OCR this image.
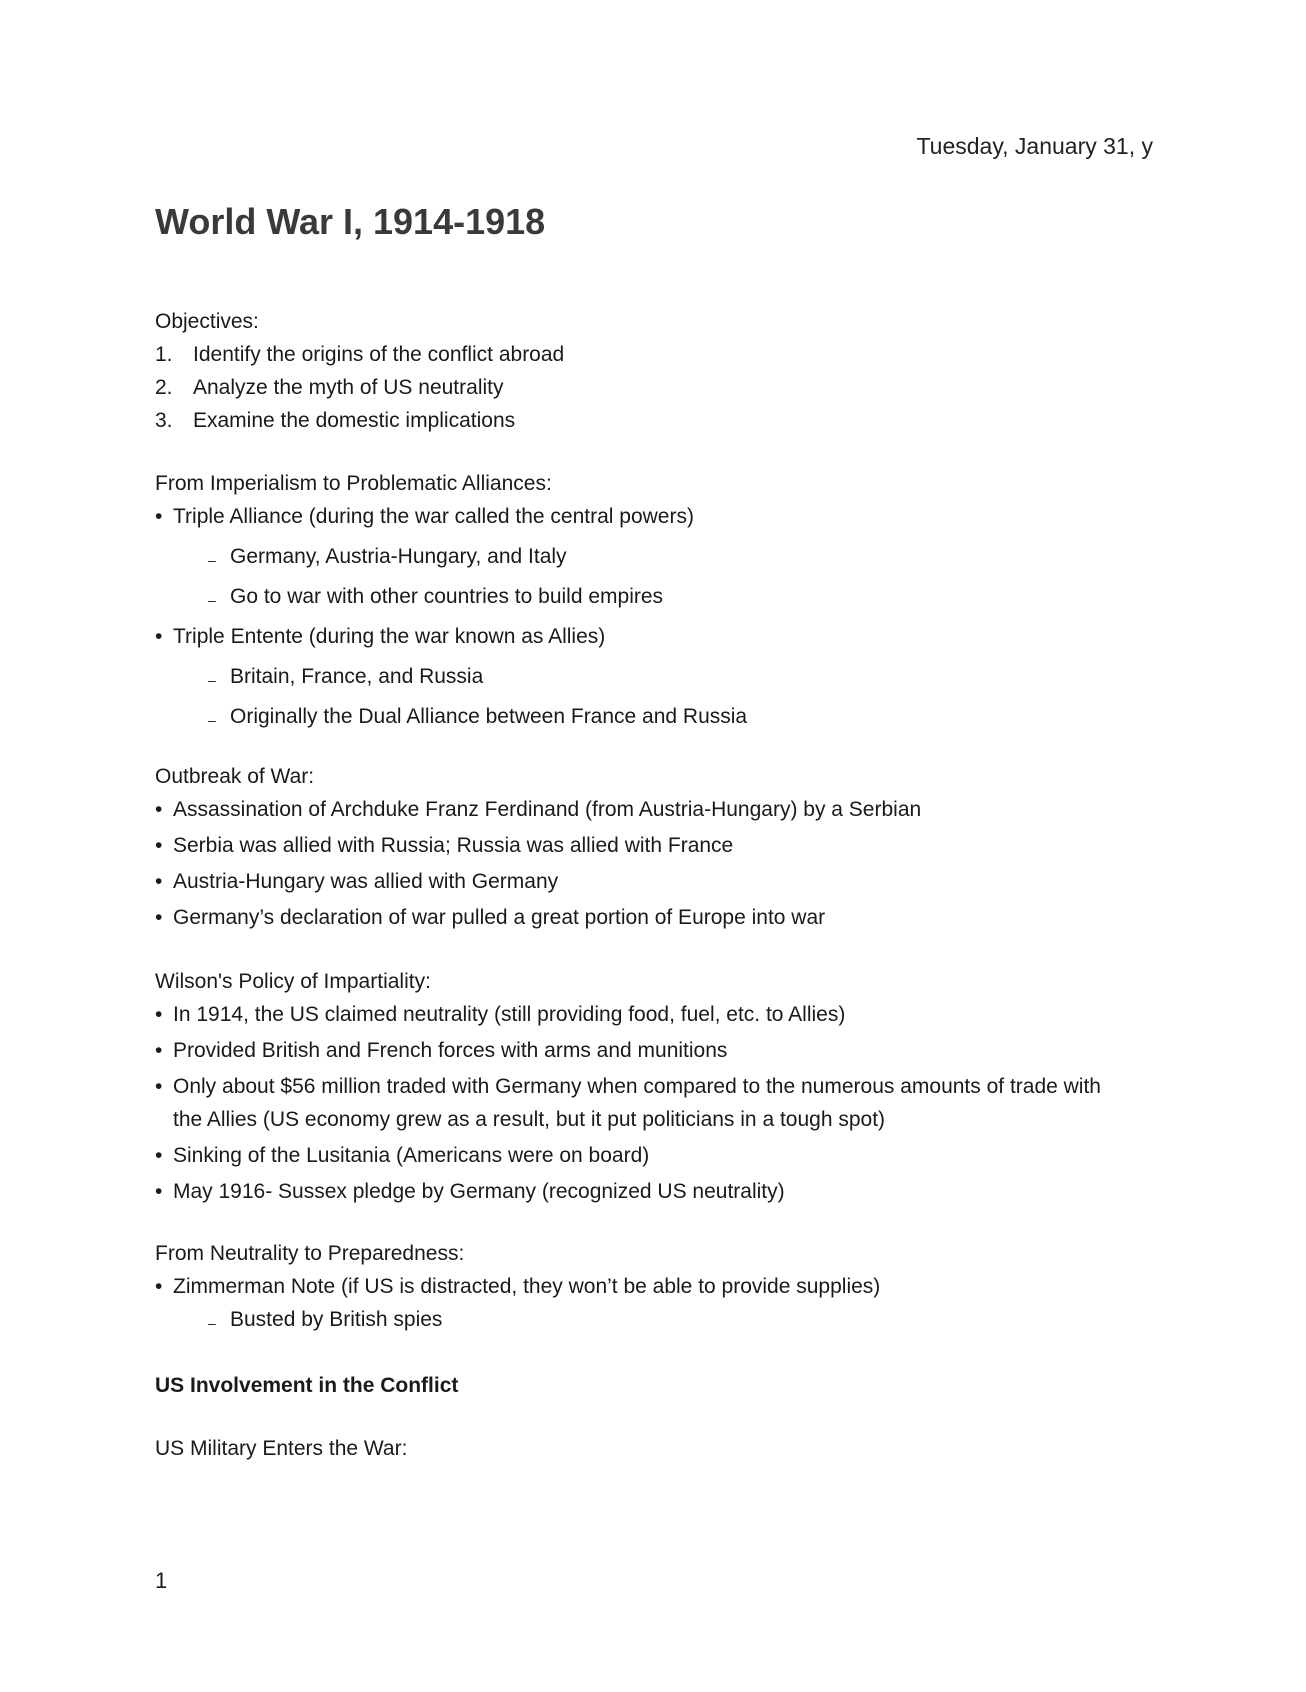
Tuesday, January 31, y
World War I, 1914-1918

Objectives:

1. Identify the origins of the conflict abroad
2. Analyze the myth of US neutrality
3. Examine the domestic implications

From Imperialism to Problematic Alliances:

• Triple Alliance (during the war called the central powers)
– Germany, Austria-Hungary, and Italy
– Go to war with other countries to build empires
• Triple Entente (during the war known as Allies)
– Britain, France, and Russia
– Originally the Dual Alliance between France and Russia

Outbreak of War:

• Assassination of Archduke Franz Ferdinand (from Austria-Hungary) by a Serbian
• Serbia was allied with Russia; Russia was allied with France
• Austria-Hungary was allied with Germany
• Germany’s declaration of war pulled a great portion of Europe into war

Wilson's Policy of Impartiality:

• In 1914, the US claimed neutrality (still providing food, fuel, etc. to Allies)
• Provided British and French forces with arms and munitions
• Only about $56 million traded with Germany when compared to the numerous amounts of trade with the Allies (US economy grew as a result, but it put politicians in a tough spot)
• Sinking of the Lusitania (Americans were on board)
• May 1916- Sussex pledge by Germany (recognized US neutrality)

From Neutrality to Preparedness:

• Zimmerman Note (if US is distracted, they won’t be able to provide supplies)
– Busted by British spies

US Involvement in the Conflict

US Military Enters the War:

1
